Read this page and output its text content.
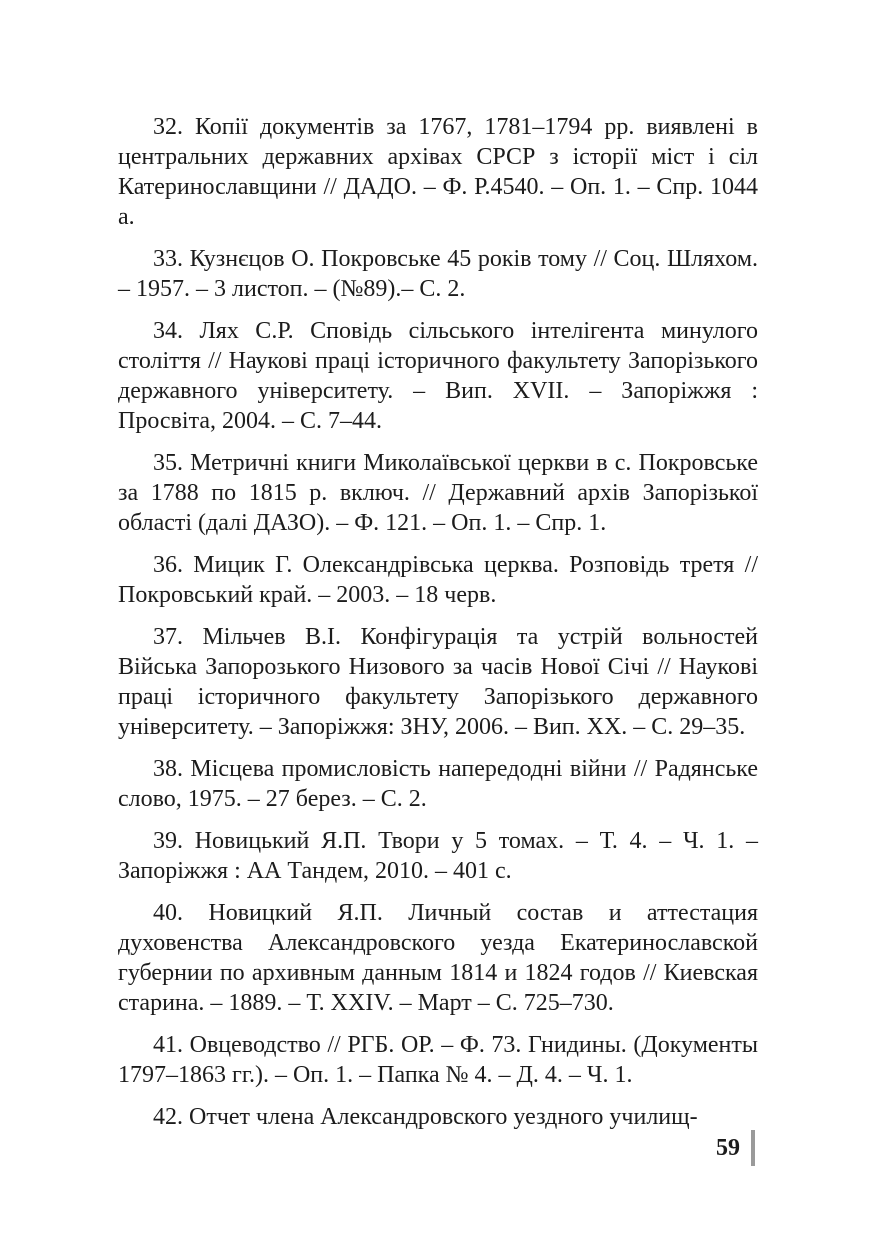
32. Копії документів за 1767, 1781–1794 рр. виявлені в центральних державних архівах СРСР з історії міст і сіл Катеринославщини // ДАДО. – Ф. Р.4540. – Оп. 1. – Спр. 1044 а.

33. Кузнєцов О. Покровське 45 років тому // Соц. Шляхом. – 1957. – 3 листоп. – (№89).– С. 2.

34. Лях С.Р. Сповідь сільського інтелігента минулого століття // Наукові праці історичного факультету Запорізького державного університету. – Вип. XVII. – Запоріжжя : Просвіта, 2004. – С. 7–44.

35. Метричні книги Миколаївської церкви в с. Покровське за 1788 по 1815 р. включ. // Державний архів Запорізької області (далі ДАЗО). – Ф. 121. – Оп. 1. – Спр. 1.

36. Мицик Г. Олександрівська церква. Розповідь третя // Покровський край. – 2003. – 18 черв.

37. Мільчев В.І. Конфігурація та устрій вольностей Війська Запорозького Низового за часів Нової Січі // Наукові праці історичного факультету Запорізького державного університету. – Запоріжжя: ЗНУ, 2006. – Вип. ХХ. – С. 29–35.

38. Місцева промисловість напередодні війни // Радянське слово, 1975. – 27 берез. – С. 2.

39. Новицький Я.П. Твори у 5 томах. – Т. 4. – Ч. 1. – Запоріжжя : АА Тандем, 2010. – 401 с.

40. Новицкий Я.П. Личный состав и аттестация духовенства Александровского уезда Екатеринославской губернии по архивным данным 1814 и 1824 годов // Киевская старина. – 1889. – Т. XXIV. – Март – С. 725–730.

41. Овцеводство // РГБ. ОР. – Ф. 73. Гнидины. (Документы 1797–1863 гг.). – Оп. 1. – Папка № 4. – Д. 4. – Ч. 1.

42. Отчет члена Александровского уездного училищ-

59
